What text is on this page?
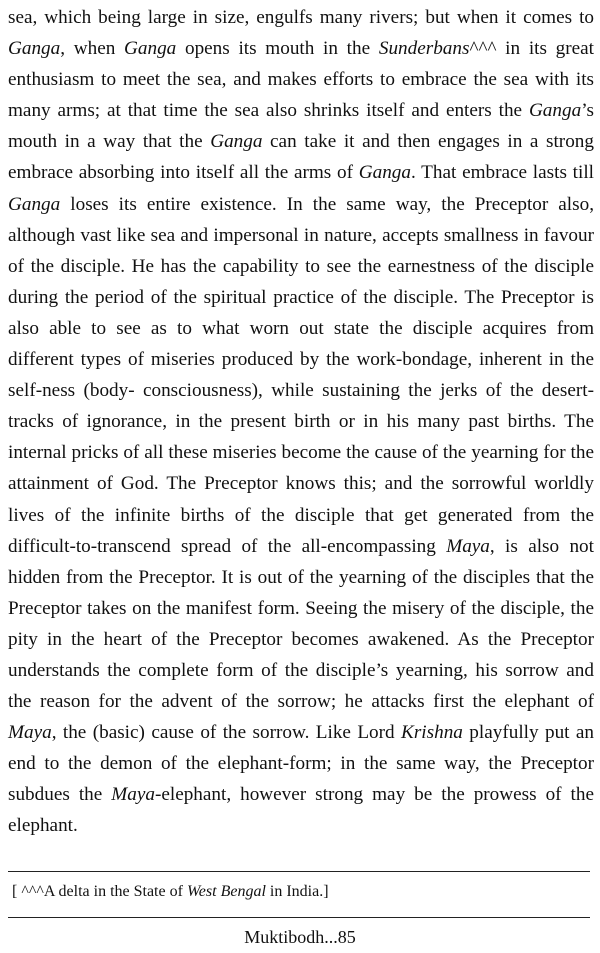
sea, which being large in size, engulfs many rivers; but when it comes to Ganga, when Ganga opens its mouth in the Sunderbans^^^ in its great enthusiasm to meet the sea, and makes efforts to embrace the sea with its many arms; at that time the sea also shrinks itself and enters the Ganga’s mouth in a way that the Ganga can take it and then engages in a strong embrace absorbing into itself all the arms of Ganga. That embrace lasts till Ganga loses its entire existence. In the same way, the Preceptor also, although vast like sea and impersonal in nature, accepts smallness in favour of the disciple. He has the capability to see the earnestness of the disciple during the period of the spiritual practice of the disciple. The Preceptor is also able to see as to what worn out state the disciple acquires from different types of miseries produced by the work-bondage, inherent in the self-ness (body- consciousness), while sustaining the jerks of the desert-tracks of ignorance, in the present birth or in his many past births. The internal pricks of all these miseries become the cause of the yearning for the attainment of God. The Preceptor knows this; and the sorrowful worldly lives of the infinite births of the disciple that get generated from the difficult-to-transcend spread of the all-encompassing Maya, is also not hidden from the Preceptor. It is out of the yearning of the disciples that the Preceptor takes on the manifest form. Seeing the misery of the disciple, the pity in the heart of the Preceptor becomes awakened. As the Preceptor understands the complete form of the disciple’s yearning, his sorrow and the reason for the advent of the sorrow; he attacks first the elephant of Maya, the (basic) cause of the sorrow. Like Lord Krishna playfully put an end to the demon of the elephant-form; in the same way, the Preceptor subdues the Maya-elephant, however strong may be the prowess of the elephant.

[ ^^^A delta in the State of West Bengal in India.]
Muktibodh...85
